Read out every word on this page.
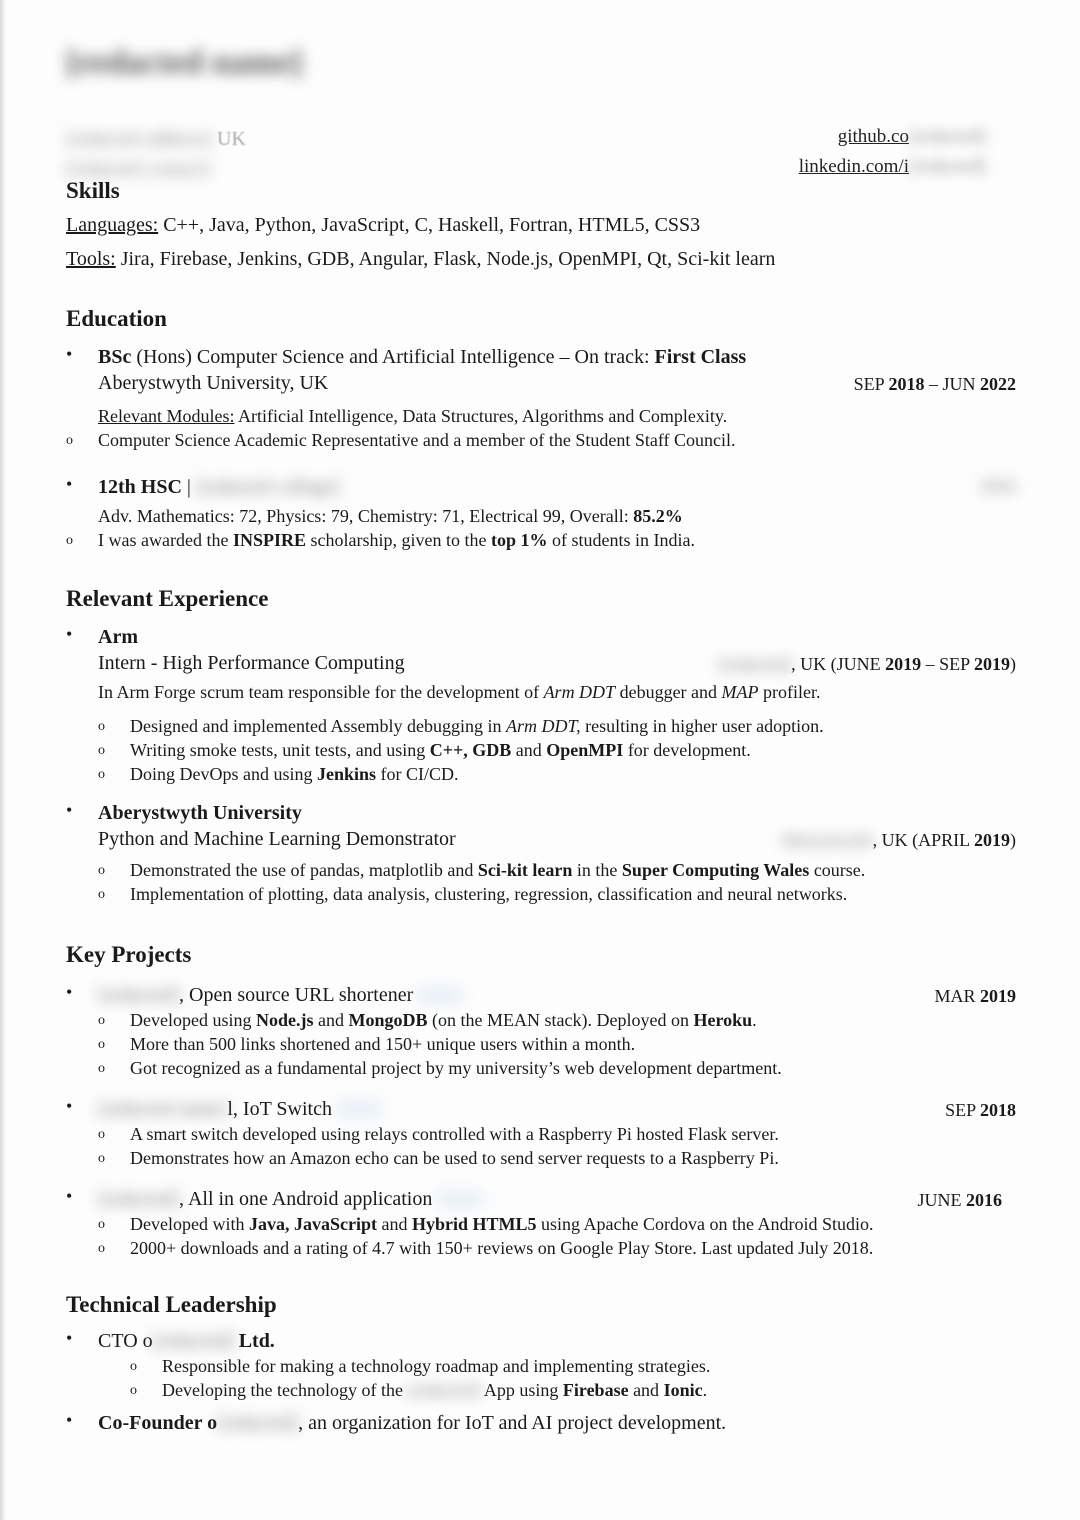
[redacted name]
[redacted address] UK
[redacted contact]
github.co[redacted]
linkedin.com/i[redacted]
Skills
Languages: C++, Java, Python, JavaScript, C, Haskell, Fortran, HTML5, CSS3
Tools: Jira, Firebase, Jenkins, GDB, Angular, Flask, Node.js, OpenMPI, Qt, Sci-kit learn
Education
• BSc (Hons) Computer Science and Artificial Intelligence – On track: First Class
Aberystwyth University, UK	SEP 2018 – JUN 2022
Relevant Modules: Artificial Intelligence, Data Structures, Algorithms and Complexity.
o Computer Science Academic Representative and a member of the Student Staff Council.
• 12th HSC | [redacted college]	2016
Adv. Mathematics: 72, Physics: 79, Chemistry: 71, Electrical 99, Overall: 85.2%
o I was awarded the INSPIRE scholarship, given to the top 1% of students in India.
Relevant Experience
• Arm
Intern - High Performance Computing	[redacted], UK (JUNE 2019 – SEP 2019)
In Arm Forge scrum team responsible for the development of Arm DDT debugger and MAP profiler.
o Designed and implemented Assembly debugging in Arm DDT, resulting in higher user adoption.
o Writing smoke tests, unit tests, and using C++, GDB and OpenMPI for development.
o Doing DevOps and using Jenkins for CI/CD.
• Aberystwyth University
Python and Machine Learning Demonstrator	Aberystwyth, UK (APRIL 2019)
o Demonstrated the use of pandas, matplotlib and Sci-kit learn in the Super Computing Wales course.
o Implementation of plotting, data analysis, clustering, regression, classification and neural networks.
Key Projects
• [redacted], Open source URL shortener [link]	MAR 2019
o Developed using Node.js and MongoDB (on the MEAN stack). Deployed on Heroku.
o More than 500 links shortened and 150+ unique users within a month.
o Got recognized as a fundamental project by my university’s web development department.
• [redacted name]l, IoT Switch [link]	SEP 2018
o A smart switch developed using relays controlled with a Raspberry Pi hosted Flask server.
o Demonstrates how an Amazon echo can be used to send server requests to a Raspberry Pi.
• [redacted], All in one Android application [link]	JUNE 2016
o Developed with Java, JavaScript and Hybrid HTML5 using Apache Cordova on the Android Studio.
o 2000+ downloads and a rating of 4.7 with 150+ reviews on Google Play Store. Last updated July 2018.
Technical Leadership
• CTO o[redacted] Ltd.
o Responsible for making a technology roadmap and implementing strategies.
o Developing the technology of the [redacted] App using Firebase and Ionic.
• Co-Founder o[redacted], an organization for IoT and AI project development.
